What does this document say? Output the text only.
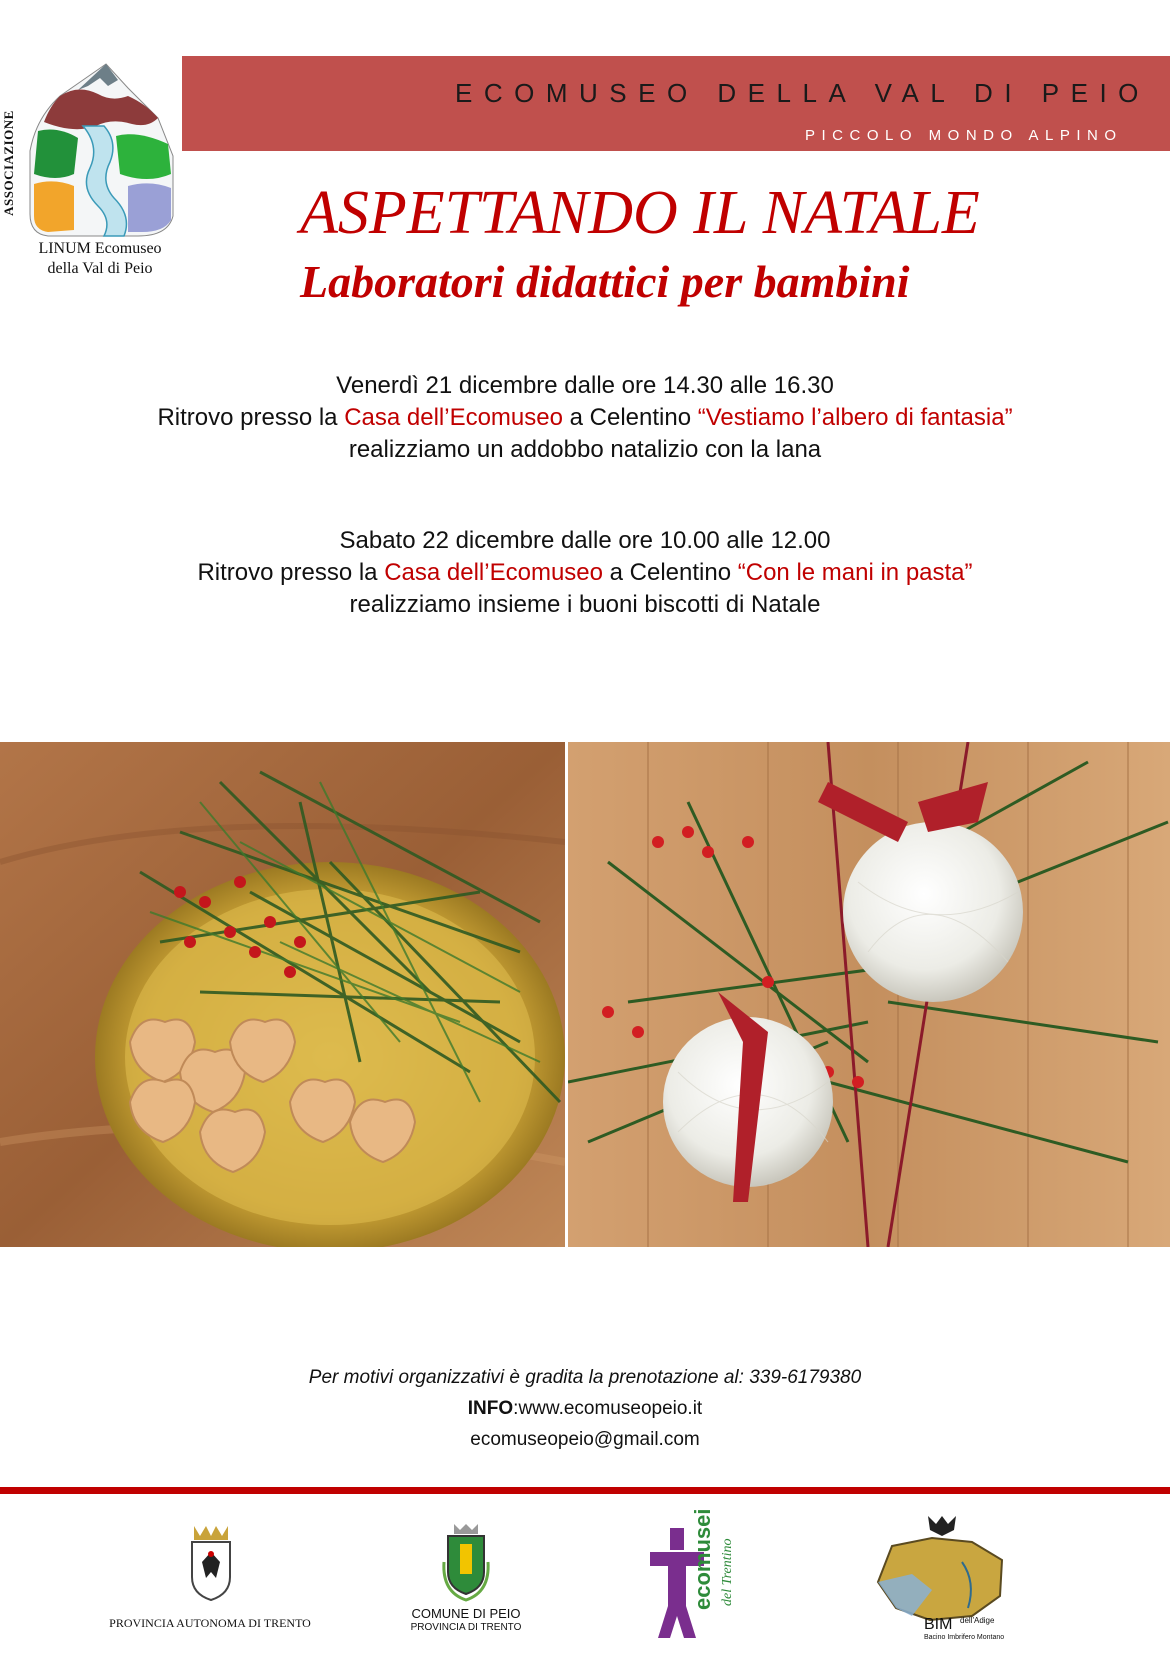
ECOMUSEO DELLA VAL DI PEIO
PICCOLO MONDO ALPINO
ASSOCIAZIONE
LINUM Ecomuseo
della Val di Peio
ASPETTANDO IL NATALE
Laboratori didattici per bambini
Venerdì 21 dicembre dalle ore 14.30 alle 16.30
Ritrovo presso la Casa dell’Ecomuseo a Celentino “Vestiamo l’albero di fantasia”
realizziamo un addobbo natalizio con la lana
Sabato 22 dicembre dalle ore 10.00 alle 12.00
Ritrovo presso la Casa dell’Ecomuseo a Celentino “Con le mani in pasta”
realizziamo insieme i buoni biscotti di Natale
Per motivi organizzativi è gradita la prenotazione al: 339-6179380
INFO:www.ecomuseopeio.it
ecomuseopeio@gmail.com
PROVINCIA AUTONOMA DI TRENTO
COMUNE DI PEIO
PROVINCIA DI TRENTO
ecomusei del Trentino
BIM dell'Adige
Bacino Imbrifero Montano
